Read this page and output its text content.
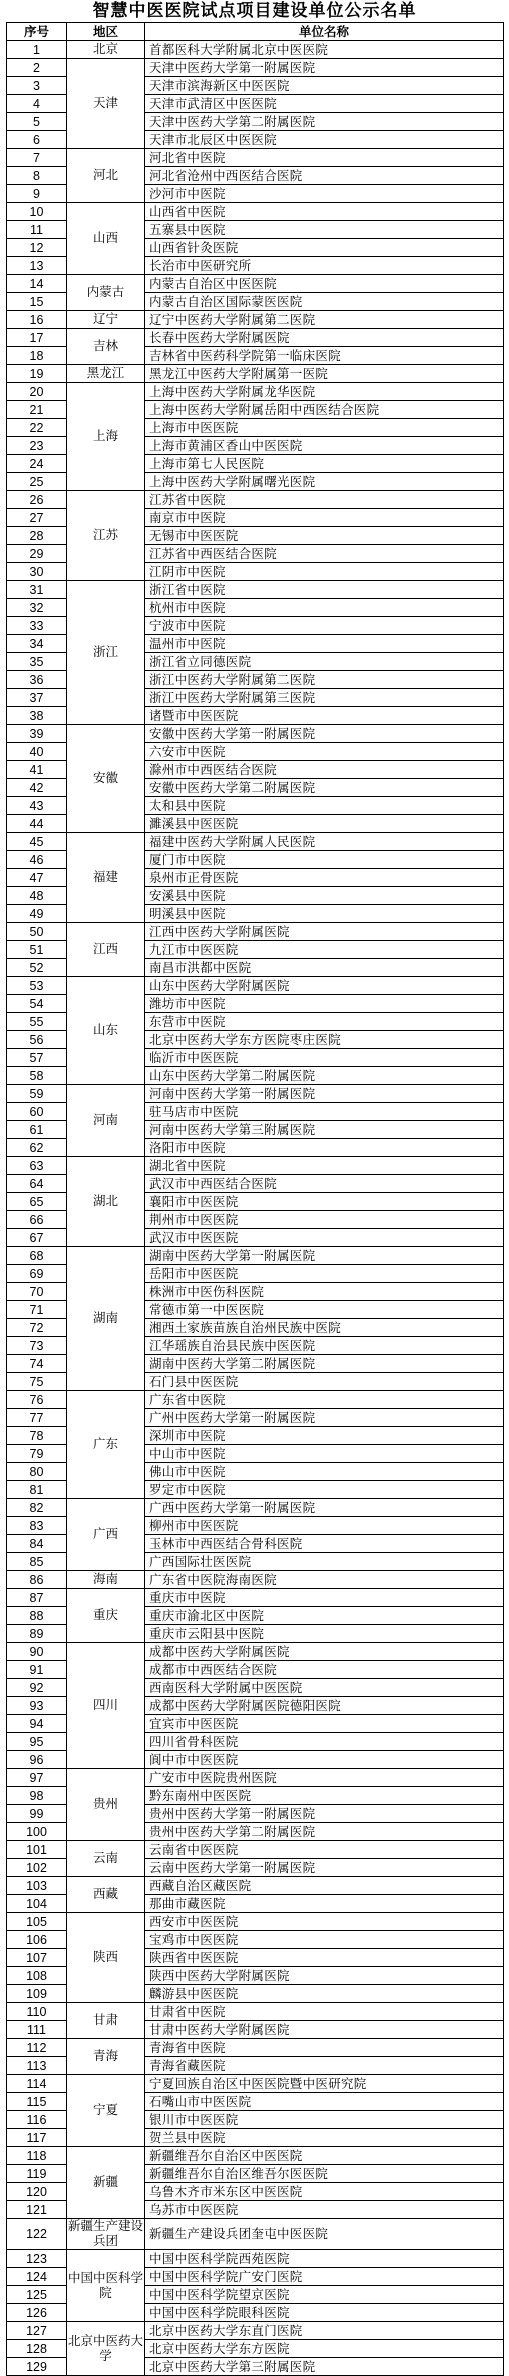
智慧中医医院试点项目建设单位公示名单
序号	地区	单位名称
1	北京	首都医科大学附属北京中医医院
2	天津	天津中医药大学第一附属医院
3		天津市滨海新区中医医院
4		天津市武清区中医医院
5		天津中医药大学第二附属医院
6		天津市北辰区中医医院
7	河北	河北省中医院
8		河北省沧州中西医结合医院
9		沙河市中医院
10	山西	山西省中医院
11		五寨县中医院
12		山西省针灸医院
13		长治市中医研究所
14	内蒙古	内蒙古自治区中医医院
15		内蒙古自治区国际蒙医医院
16	辽宁	辽宁中医药大学附属第二医院
17	吉林	长春中医药大学附属医院
18		吉林省中医药科学院第一临床医院
19	黑龙江	黑龙江中医药大学附属第一医院
20	上海	上海中医药大学附属龙华医院
21		上海中医药大学附属岳阳中西医结合医院
22		上海市中医医院
23		上海市黄浦区香山中医医院
24		上海市第七人民医院
25		上海中医药大学附属曙光医院
26	江苏	江苏省中医院
27		南京市中医院
28		无锡市中医医院
29		江苏省中西医结合医院
30		江阴市中医院
31	浙江	浙江省中医院
32		杭州市中医院
33		宁波市中医院
34		温州市中医院
35		浙江省立同德医院
36		浙江中医药大学附属第二医院
37		浙江中医药大学附属第三医院
38		诸暨市中医医院
39	安徽	安徽中医药大学第一附属医院
40		六安市中医院
41		滁州市中西医结合医院
42		安徽中医药大学第二附属医院
43		太和县中医院
44		濉溪县中医医院
45	福建	福建中医药大学附属人民医院
46		厦门市中医院
47		泉州市正骨医院
48		安溪县中医院
49		明溪县中医院
50	江西	江西中医药大学附属医院
51		九江市中医医院
52		南昌市洪都中医院
53	山东	山东中医药大学附属医院
54		潍坊市中医院
55		东营市中医院
56		北京中医药大学东方医院枣庄医院
57		临沂市中医医院
58		山东中医药大学第二附属医院
59	河南	河南中医药大学第一附属医院
60		驻马店市中医院
61		河南中医药大学第三附属医院
62		洛阳市中医院
63	湖北	湖北省中医院
64		武汉市中西医结合医院
65		襄阳市中医医院
66		荆州市中医医院
67		武汉市中医医院
68	湖南	湖南中医药大学第一附属医院
69		岳阳市中医医院
70		株洲市中医伤科医院
71		常德市第一中医医院
72		湘西土家族苗族自治州民族中医院
73		江华瑶族自治县民族中医医院
74		湖南中医药大学第二附属医院
75		石门县中医医院
76	广东	广东省中医院
77		广州中医药大学第一附属医院
78		深圳市中医院
79		中山市中医院
80		佛山市中医院
81		罗定市中医院
82	广西	广西中医药大学第一附属医院
83		柳州市中医医院
84		玉林市中西医结合骨科医院
85		广西国际壮医医院
86	海南	广东省中医院海南医院
87	重庆	重庆市中医院
88		重庆市渝北区中医院
89		重庆市云阳县中医院
90	四川	成都中医药大学附属医院
91		成都市中西医结合医院
92		西南医科大学附属中医医院
93		成都中医药大学附属医院德阳医院
94		宜宾市中医医院
95		四川省骨科医院
96		阆中市中医医院
97	贵州	广安市中医院贵州医院
98		黔东南州中医医院
99		贵州中医药大学第一附属医院
100		贵州中医药大学第二附属医院
101	云南	云南省中医医院
102		云南中医药大学第一附属医院
103	西藏	西藏自治区藏医院
104		那曲市藏医院
105	陕西	西安市中医医院
106		宝鸡市中医医院
107		陕西省中医医院
108		陕西中医药大学附属医院
109		麟游县中医医院
110	甘肃	甘肃省中医院
111		甘肃中医药大学附属医院
112	青海	青海省中医院
113		青海省藏医院
114	宁夏	宁夏回族自治区中医医院暨中医研究院
115		石嘴山市中医医院
116		银川市中医医院
117		贺兰县中医院
118	新疆	新疆维吾尔自治区中医医院
119		新疆维吾尔自治区维吾尔医医院
120		乌鲁木齐市米东区中医医院
121		乌苏市中医医院
122	新疆生产建设兵团	新疆生产建设兵团奎屯中医医院
123	中国中医科学院	中国中医科学院西苑医院
124		中国中医科学院广安门医院
125		中国中医科学院望京医院
126		中国中医科学院眼科医院
127	北京中医药大学	北京中医药大学东直门医院
128		北京中医药大学东方医院
129		北京中医药大学第三附属医院
